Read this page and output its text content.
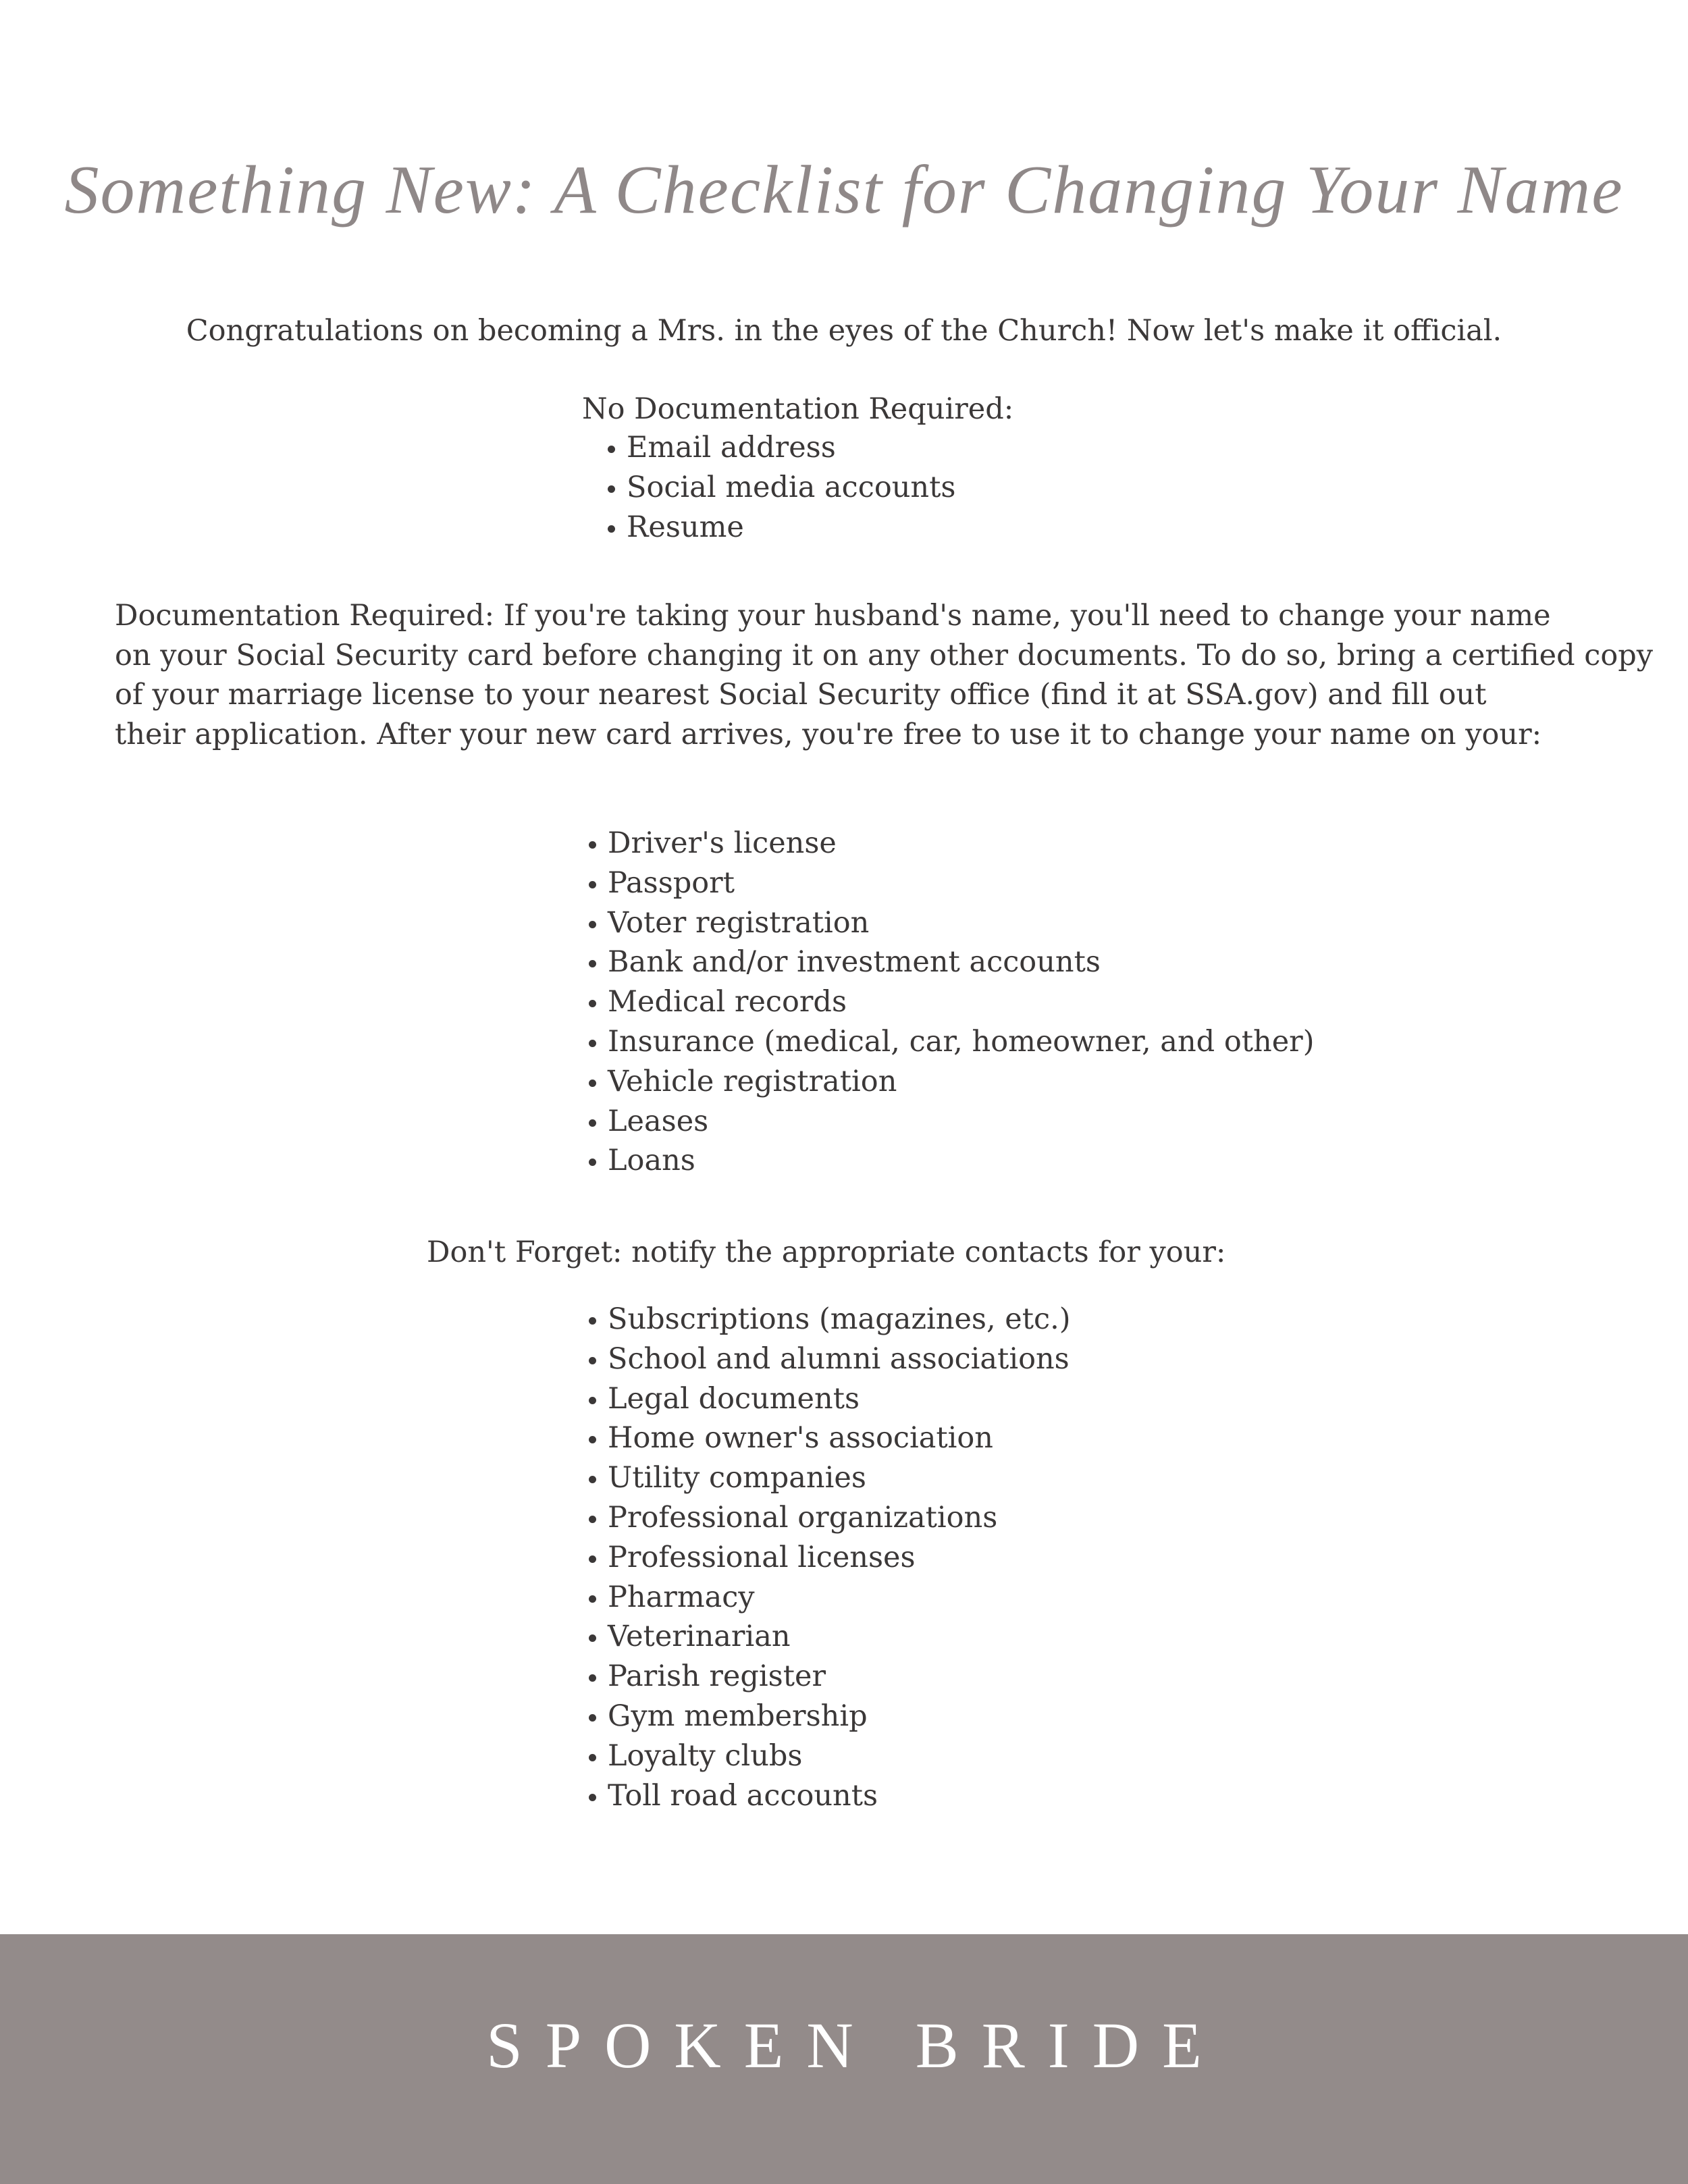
Something New: A Checklist for Changing Your Name
Congratulations on becoming a Mrs. in the eyes of the Church! Now let's make it official.
No Documentation Required:
Email address
Social media accounts
Resume
Documentation Required: If you're taking your husband's name, you'll need to change your name
on your Social Security card before changing it on any other documents. To do so, bring a certified copy
of your marriage license to your nearest Social Security office (find it at SSA.gov) and fill out
their application. After your new card arrives, you're free to use it to change your name on your:
Driver's license
Passport
Voter registration
Bank and/or investment accounts
Medical records
Insurance (medical, car, homeowner, and other)
Vehicle registration
Leases
Loans
Don't Forget: notify the appropriate contacts for your:
Subscriptions (magazines, etc.)
School and alumni associations
Legal documents
Home owner's association
Utility companies
Professional organizations
Professional licenses
Pharmacy
Veterinarian
Parish register
Gym membership
Loyalty clubs
Toll road accounts
SPOKEN BRIDE
